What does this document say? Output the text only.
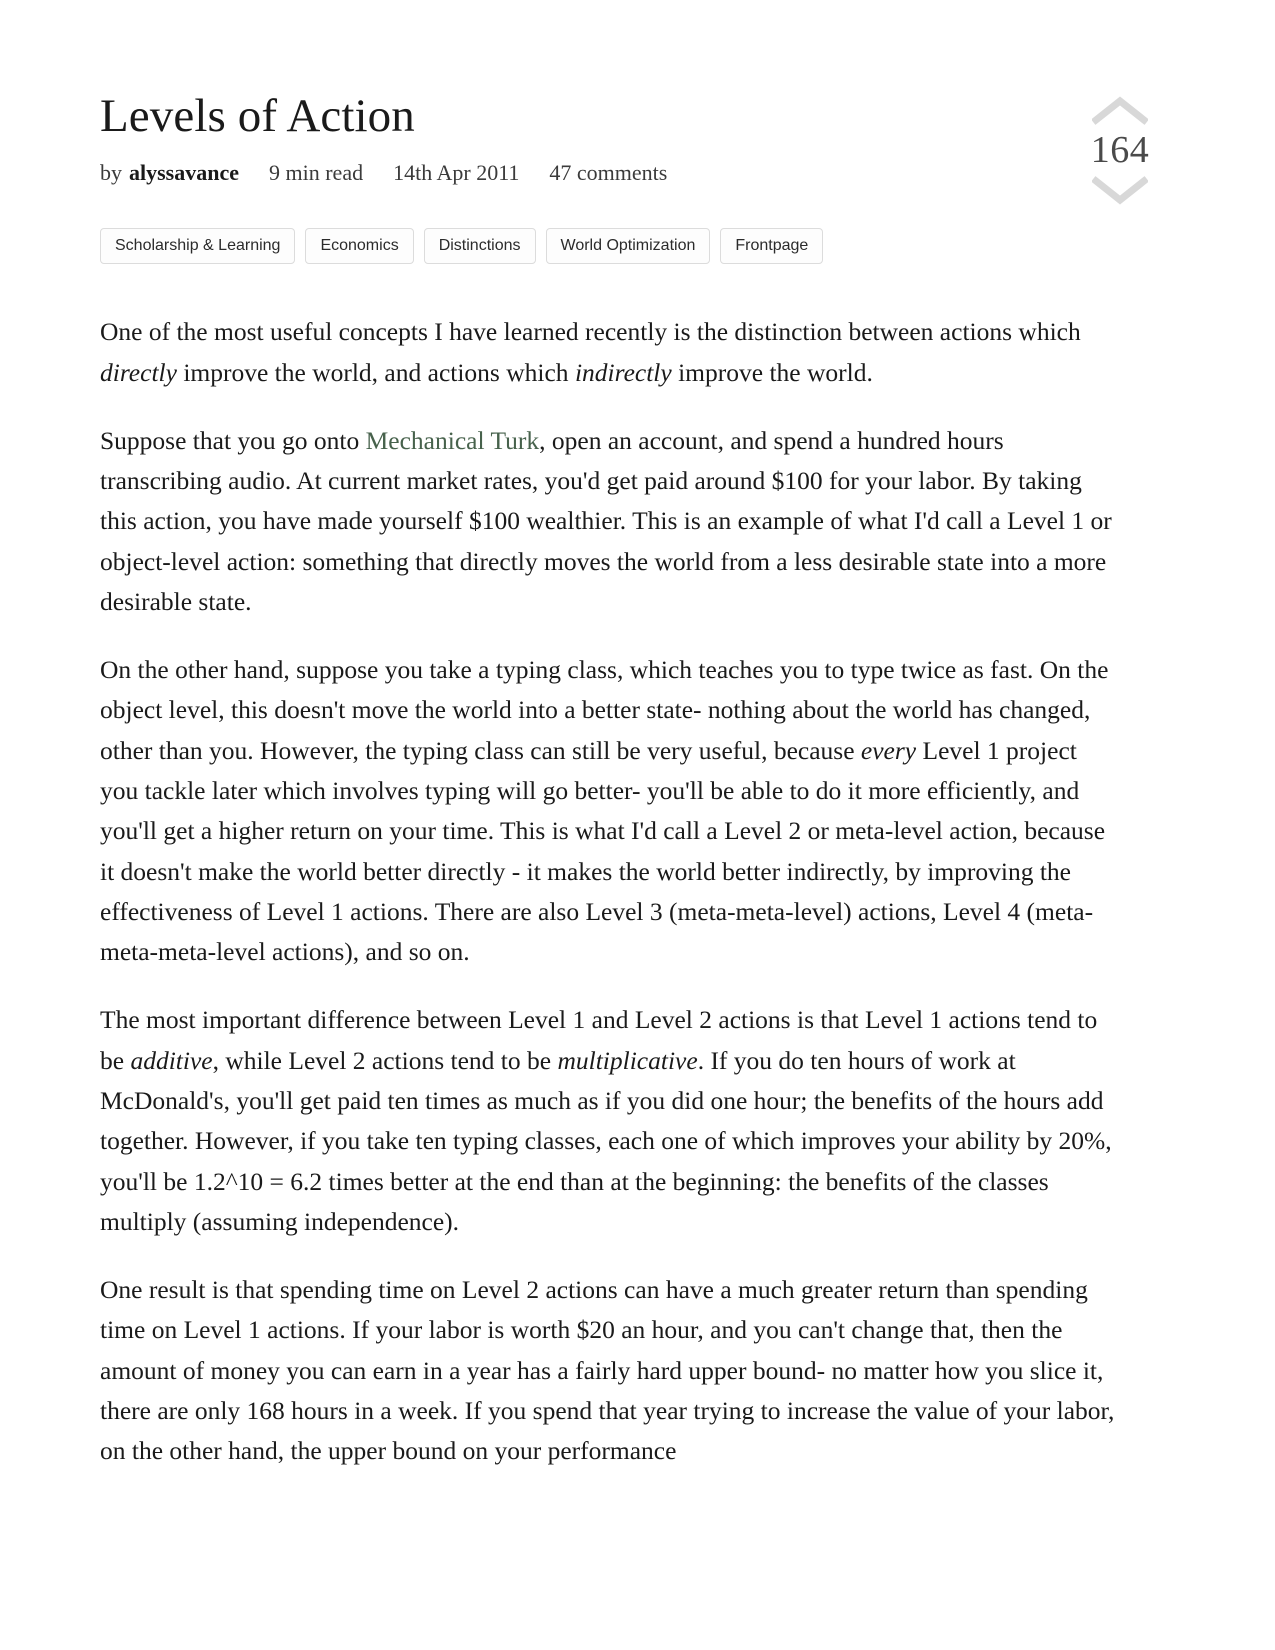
Levels of Action
by alyssavance 9 min read 14th Apr 2011 47 comments
164
Scholarship & Learning	Economics	Distinctions	World Optimization	Frontpage

One of the most useful concepts I have learned recently is the distinction between actions which directly improve the world, and actions which indirectly improve the world.

Suppose that you go onto Mechanical Turk, open an account, and spend a hundred hours transcribing audio. At current market rates, you'd get paid around $100 for your labor. By taking this action, you have made yourself $100 wealthier. This is an example of what I'd call a Level 1 or object-level action: something that directly moves the world from a less desirable state into a more desirable state.

On the other hand, suppose you take a typing class, which teaches you to type twice as fast. On the object level, this doesn't move the world into a better state- nothing about the world has changed, other than you. However, the typing class can still be very useful, because every Level 1 project you tackle later which involves typing will go better- you'll be able to do it more efficiently, and you'll get a higher return on your time. This is what I'd call a Level 2 or meta-level action, because it doesn't make the world better directly - it makes the world better indirectly, by improving the effectiveness of Level 1 actions. There are also Level 3 (meta-meta-level) actions, Level 4 (meta-meta-meta-level actions), and so on.

The most important difference between Level 1 and Level 2 actions is that Level 1 actions tend to be additive, while Level 2 actions tend to be multiplicative. If you do ten hours of work at McDonald's, you'll get paid ten times as much as if you did one hour; the benefits of the hours add together. However, if you take ten typing classes, each one of which improves your ability by 20%, you'll be 1.2^10 = 6.2 times better at the end than at the beginning: the benefits of the classes multiply (assuming independence).

One result is that spending time on Level 2 actions can have a much greater return than spending time on Level 1 actions. If your labor is worth $20 an hour, and you can't change that, then the amount of money you can earn in a year has a fairly hard upper bound- no matter how you slice it, there are only 168 hours in a week. If you spend that year trying to increase the value of your labor, on the other hand, the upper bound on your performance
